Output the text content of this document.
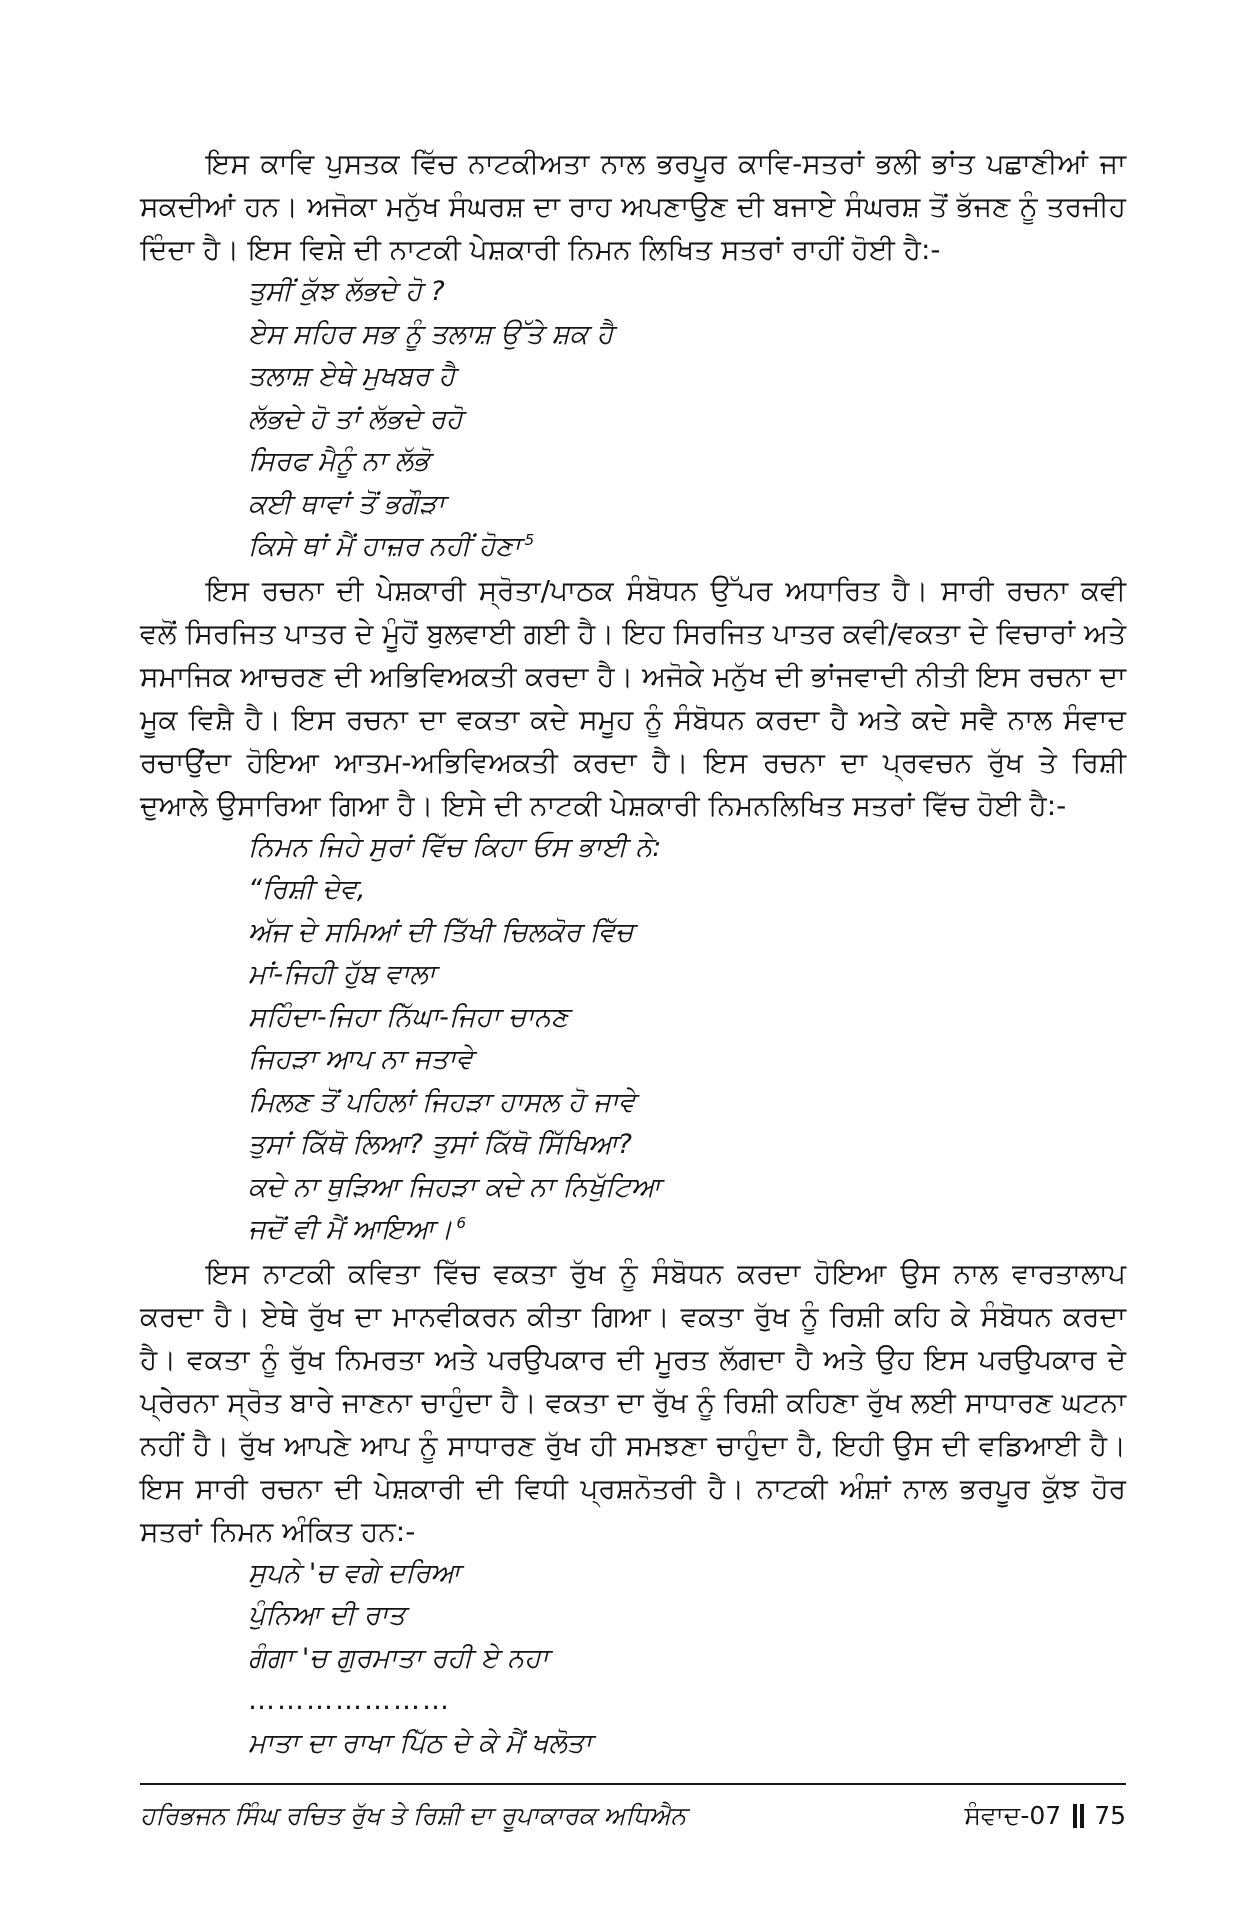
ਇਸ ਕਾਵਿ ਪੁਸਤਕ ਵਿੱਚ ਨਾਟਕੀਅਤਾ ਨਾਲ ਭਰਪੂਰ ਕਾਵਿ-ਸਤਰਾਂ ਭਲੀ ਭਾਂਤ ਪਛਾਣੀਆਂ ਜਾ ਸਕਦੀਆਂ ਹਨ। ਅਜੋਕਾ ਮਨੁੱਖ ਸੰਘਰਸ਼ ਦਾ ਰਾਹ ਅਪਣਾਉਣ ਦੀ ਬਜਾਏ ਸੰਘਰਸ਼ ਤੋਂ ਭੱਜਣ ਨੂੰ ਤਰਜੀਹ ਦਿੰਦਾ ਹੈ। ਇਸ ਵਿਸ਼ੇ ਦੀ ਨਾਟਕੀ ਪੇਸ਼ਕਾਰੀ ਨਿਮਨ ਲਿਖਿਤ ਸਤਰਾਂ ਰਾਹੀਂ ਹੋਈ ਹੈ:-

ਤੁਸੀਂ ਕੁੱਝ ਲੱਭਦੇ ਹੋ ?
ਏਸ ਸਹਿਰ ਸਭ ਨੂੰ ਤਲਾਸ਼ ਉੱਤੇ ਸ਼ਕ ਹੈ
ਤਲਾਸ਼ ਏਥੇ ਮੁਖਬਰ ਹੈ
ਲੱਭਦੇ ਹੋ ਤਾਂ ਲੱਭਦੇ ਰਹੋ
ਸਿਰਫ ਮੈਨੂੰ ਨਾ ਲੱਭੋ
ਕਈ ਥਾਵਾਂ ਤੋਂ ਭਗੌੜਾ
ਕਿਸੇ ਥਾਂ ਮੈਂ ਹਾਜ਼ਰ ਨਹੀਂ ਹੋਣਾ $^5$

ਇਸ ਰਚਨਾ ਦੀ ਪੇਸ਼ਕਾਰੀ ਸ੍ਰੋਤਾ/ਪਾਠਕ ਸੰਬੋਧਨ ਉੱਪਰ ਅਧਾਰਿਤ ਹੈ। ਸਾਰੀ ਰਚਨਾ ਕਵੀ ਵਲੋਂ ਸਿਰਜਿਤ ਪਾਤਰ ਦੇ ਮੂੰਹੋਂ ਬੁਲਵਾਈ ਗਈ ਹੈ। ਇਹ ਸਿਰਜਿਤ ਪਾਤਰ ਕਵੀ/ਵਕਤਾ ਦੇ ਵਿਚਾਰਾਂ ਅਤੇ ਸਮਾਜਿਕ ਆਚਰਣ ਦੀ ਅਭਿਵਿਅਕਤੀ ਕਰਦਾ ਹੈ। ਅਜੋਕੇ ਮਨੁੱਖ ਦੀ ਭਾਂਜਵਾਦੀ ਨੀਤੀ ਇਸ ਰਚਨਾ ਦਾ ਮੂਕ ਵਿਸ਼ੈ ਹੈ। ਇਸ ਰਚਨਾ ਦਾ ਵਕਤਾ ਕਦੇ ਸਮੂਹ ਨੂੰ ਸੰਬੋਧਨ ਕਰਦਾ ਹੈ ਅਤੇ ਕਦੇ ਸਵੈ ਨਾਲ ਸੰਵਾਦ ਰਚਾਉਂਦਾ ਹੋਇਆ ਆਤਮ-ਅਭਿਵਿਅਕਤੀ ਕਰਦਾ ਹੈ। ਇਸ ਰਚਨਾ ਦਾ ਪ੍ਰਵਚਨ ਰੁੱਖ ਤੇ ਰਿਸ਼ੀ ਦੁਆਲੇ ਉਸਾਰਿਆ ਗਿਆ ਹੈ। ਇਸੇ ਦੀ ਨਾਟਕੀ ਪੇਸ਼ਕਾਰੀ ਨਿਮਨਲਿਖਿਤ ਸਤਰਾਂ ਵਿੱਚ ਹੋਈ ਹੈ:-

ਨਿਮਨ ਜਿਹੇ ਸੁਰਾਂ ਵਿੱਚ ਕਿਹਾ ਓਸ ਭਾਈ ਨੇ:
“ਰਿਸ਼ੀ ਦੇਵ,
ਅੱਜ ਦੇ ਸਮਿਆਂ ਦੀ ਤਿੱਖੀ ਚਿਲਕੋਰ ਵਿੱਚ
ਮਾਂ-ਜਿਹੀ ਹੁੱਬ ਵਾਲਾ
ਸਹਿੰਦਾ-ਜਿਹਾ ਨਿੱਘਾ-ਜਿਹਾ ਚਾਨਣ
ਜਿਹੜਾ ਆਪ ਨਾ ਜਤਾਵੇ
ਮਿਲਣ ਤੋਂ ਪਹਿਲਾਂ ਜਿਹੜਾ ਹਾਸਲ ਹੋ ਜਾਵੇ
ਤੁਸਾਂ ਕਿੱਥੋ ਲਿਆ? ਤੁਸਾਂ ਕਿੱਥੋ ਸਿੱਖਿਆ?
ਕਦੇ ਨਾ ਥੁੜਿਆ ਜਿਹੜਾ ਕਦੇ ਨਾ ਨਿਖੁੱਟਿਆ
ਜਦੋਂ ਵੀ ਮੈਂ ਆਇਆ। $^6$

ਇਸ ਨਾਟਕੀ ਕਵਿਤਾ ਵਿੱਚ ਵਕਤਾ ਰੁੱਖ ਨੂੰ ਸੰਬੋਧਨ ਕਰਦਾ ਹੋਇਆ ਉਸ ਨਾਲ ਵਾਰਤਾਲਾਪ ਕਰਦਾ ਹੈ। ਏਥੇ ਰੁੱਖ ਦਾ ਮਾਨਵੀਕਰਨ ਕੀਤਾ ਗਿਆ। ਵਕਤਾ ਰੁੱਖ ਨੂੰ ਰਿਸ਼ੀ ਕਹਿ ਕੇ ਸੰਬੋਧਨ ਕਰਦਾ ਹੈ। ਵਕਤਾ ਨੂੰ ਰੁੱਖ ਨਿਮਰਤਾ ਅਤੇ ਪਰਉਪਕਾਰ ਦੀ ਮੂਰਤ ਲੱਗਦਾ ਹੈ ਅਤੇ ਉਹ ਇਸ ਪਰਉਪਕਾਰ ਦੇ ਪ੍ਰੇਰਨਾ ਸ੍ਰੋਤ ਬਾਰੇ ਜਾਣਨਾ ਚਾਹੁੰਦਾ ਹੈ। ਵਕਤਾ ਦਾ ਰੁੱਖ ਨੂੰ ਰਿਸ਼ੀ ਕਹਿਣਾ ਰੁੱਖ ਲਈ ਸਾਧਾਰਣ ਘਟਨਾ ਨਹੀਂ ਹੈ। ਰੁੱਖ ਆਪਣੇ ਆਪ ਨੂੰ ਸਾਧਾਰਣ ਰੁੱਖ ਹੀ ਸਮਝਣਾ ਚਾਹੁੰਦਾ ਹੈ, ਇਹੀ ਉਸ ਦੀ ਵਡਿਆਈ ਹੈ। ਇਸ ਸਾਰੀ ਰਚਨਾ ਦੀ ਪੇਸ਼ਕਾਰੀ ਦੀ ਵਿਧੀ ਪ੍ਰਸ਼ਨੋਤਰੀ ਹੈ। ਨਾਟਕੀ ਅੰਸ਼ਾਂ ਨਾਲ ਭਰਪੂਰ ਕੁੱਝ ਹੋਰ ਸਤਰਾਂ ਨਿਮਨ ਅੰਕਿਤ ਹਨ:-

ਸੁਪਨੇ 'ਚ ਵਗੇ ਦਰਿਆ
ਪੁੰਨਿਆ ਦੀ ਰਾਤ
ਗੰਗਾ 'ਚ ਗੁਰਮਾਤਾ ਰਹੀ ਏ ਨਹਾ
…………………
ਮਾਤਾ ਦਾ ਰਾਖਾ ਪਿੱਠ ਦੇ ਕੇ ਮੈਂ ਖਲੋਤਾ
ਹਰਿਭਜਨ ਸਿੰਘ ਰਚਿਤ ਰੁੱਖ ਤੇ ਰਿਸ਼ੀ ਦਾ ਰੂਪਾਕਾਰਕ ਅਧਿਐਨ	ਸੰਵਾਦ-07 75
